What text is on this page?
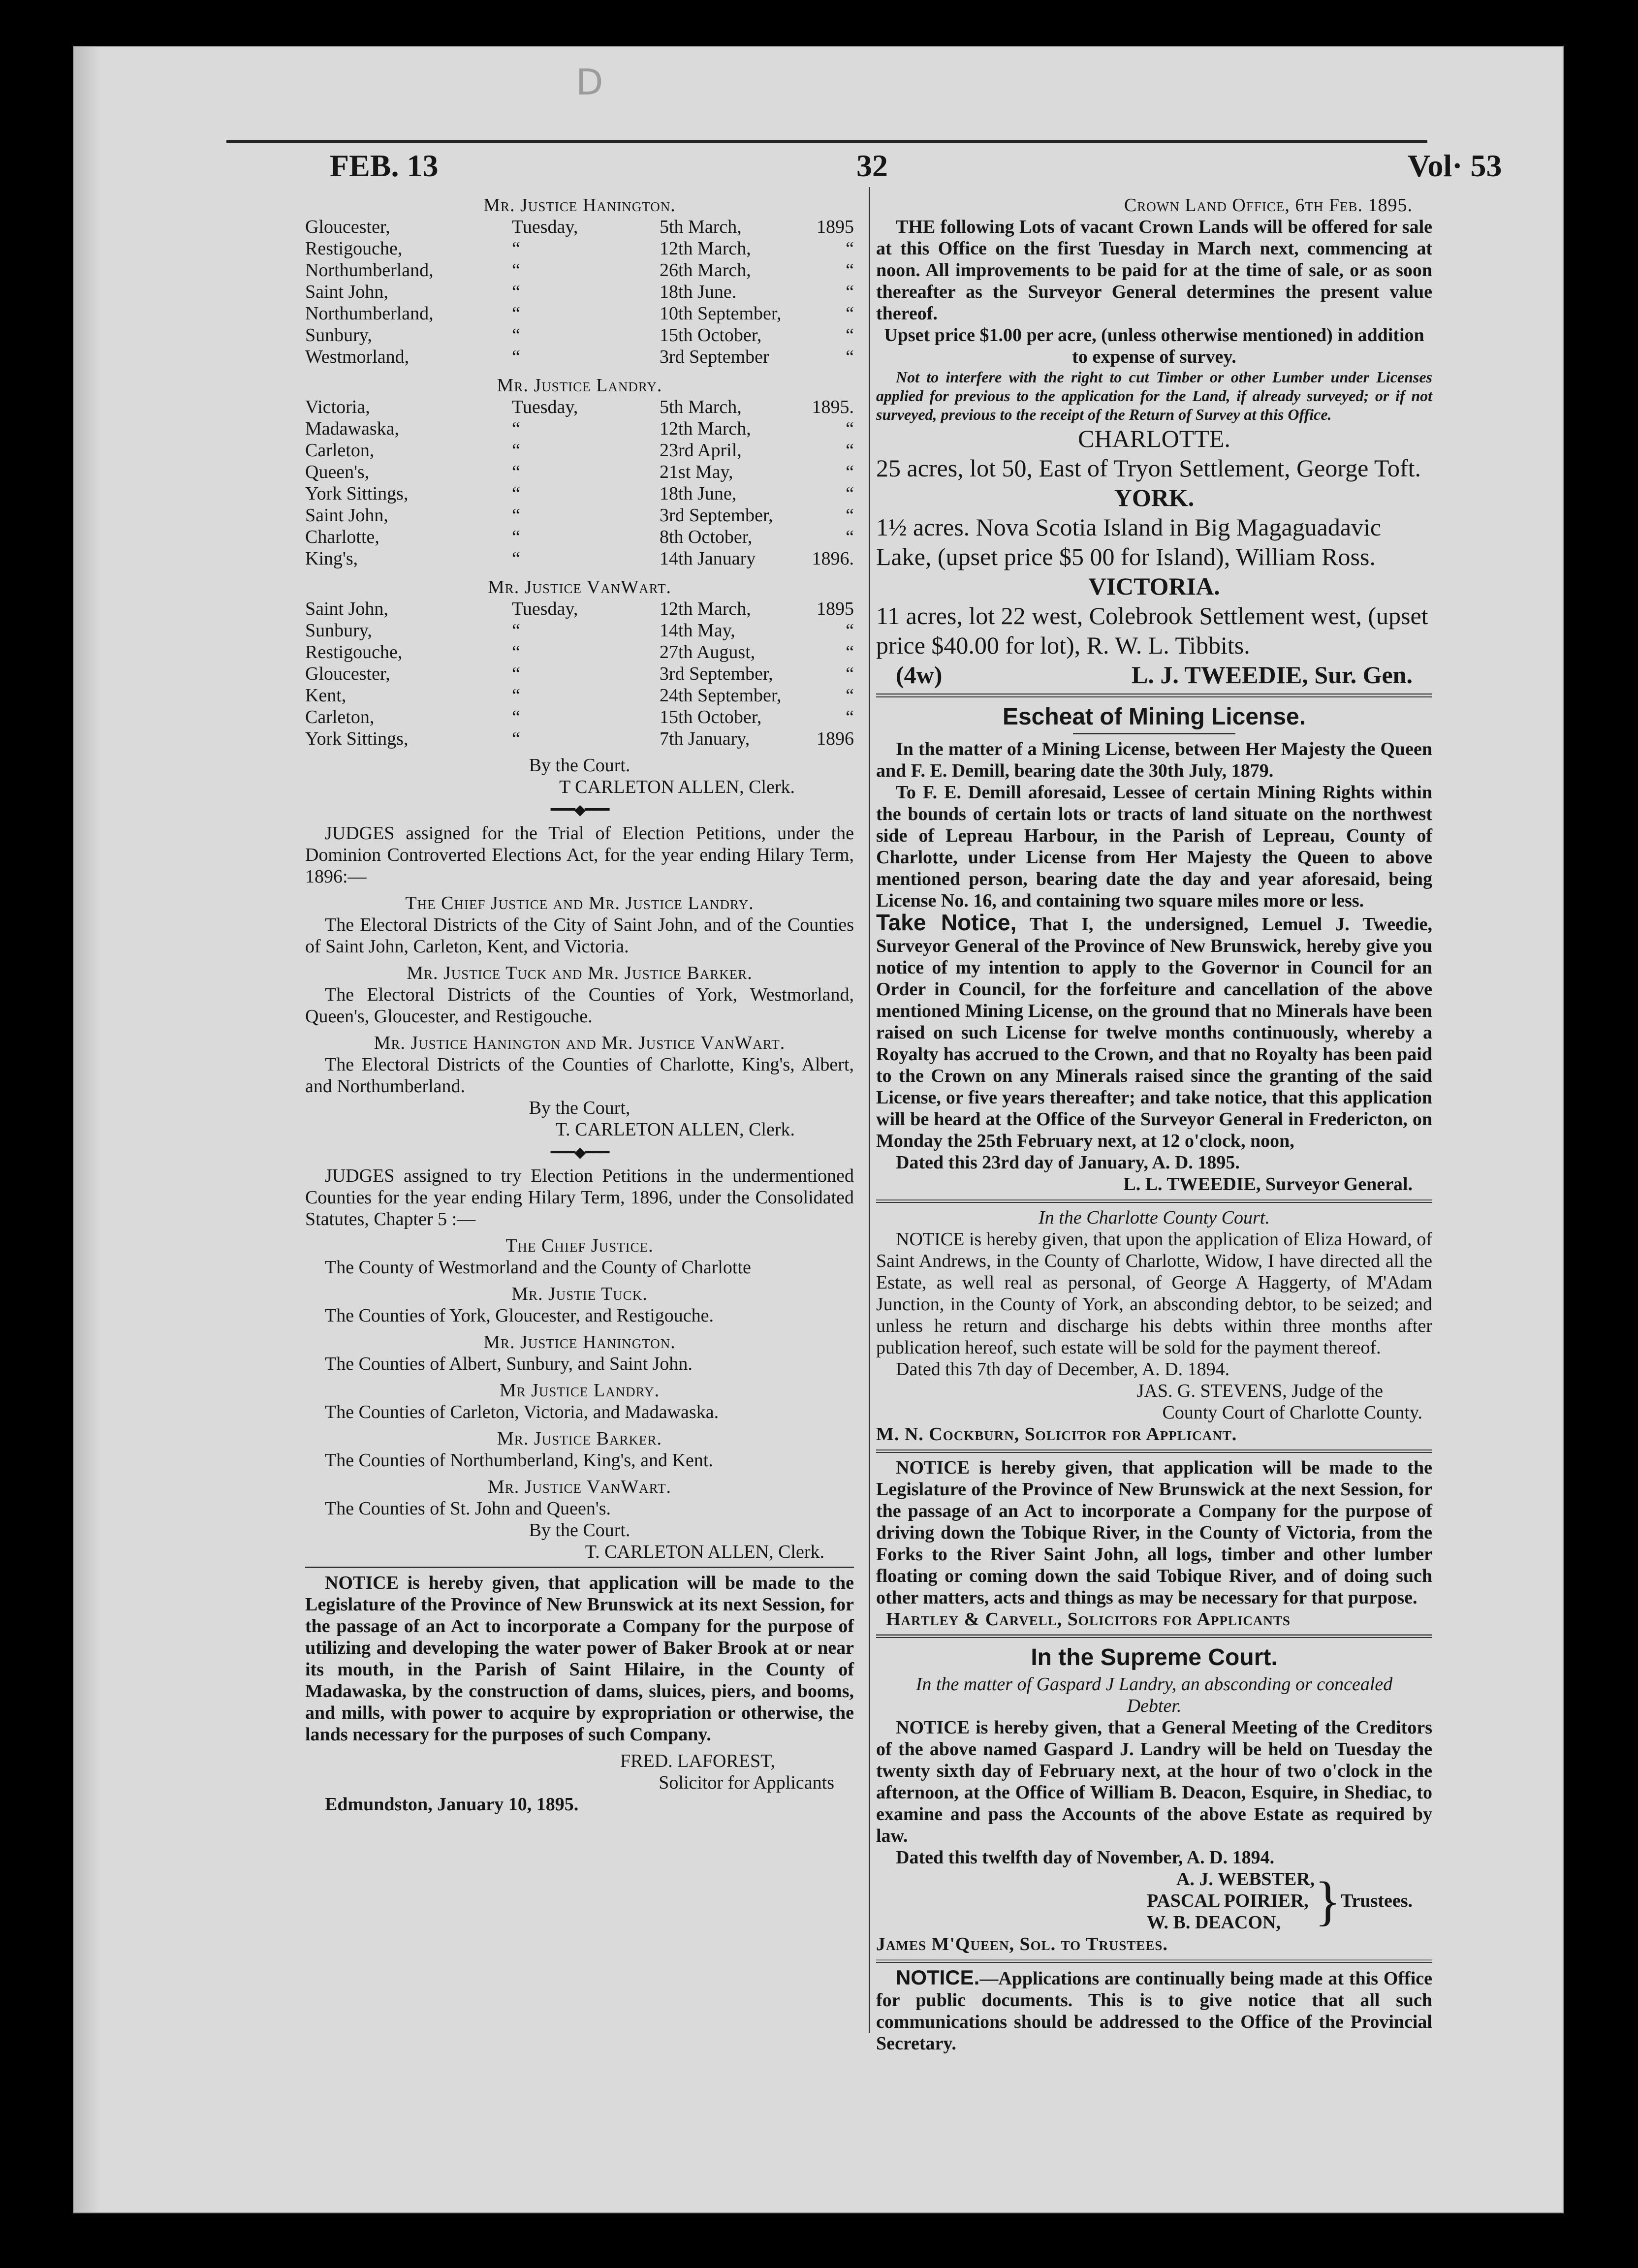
D
FEB. 13	32	Vol· 53

Mr. Justice Hanington.

Gloucester,	Tuesday,	5th March,	1895
Restigouche,	“	12th March,	“
Northumberland,	“	26th March,	“
Saint John,	“	18th June.	“
Northumberland,	“	10th September,	“
Sunbury,	“	15th October,	“
Westmorland,	“	3rd September	“

Mr. Justice Landry.

Victoria,	Tuesday,	5th March,	1895.
Madawaska,	“	12th March,	“
Carleton,	“	23rd April,	“
Queen's,	“	21st May,	“
York Sittings,	“	18th June,	“
Saint John,	“	3rd September,	“
Charlotte,	“	8th October,	“
King's,	“	14th January	1896.

Mr. Justice VanWart.

Saint John,	Tuesday,	12th March,	1895
Sunbury,	“	14th May,	“
Restigouche,	“	27th August,	“
Gloucester,	“	3rd September,	“
Kent,	“	24th September,	“
Carleton,	“	15th October,	“
York Sittings,	“	7th January,	1896

By the Court.

T CARLETON ALLEN, Clerk.

━━━◆━━━

JUDGES assigned for the Trial of Election Petitions, under the Dominion Controverted Elections Act, for the year ending Hilary Term, 1896:—

The Chief Justice and Mr. Justice Landry.

The Electoral Districts of the City of Saint John, and of the Counties of Saint John, Carleton, Kent, and Victoria.

Mr. Justice Tuck and Mr. Justice Barker.

The Electoral Districts of the Counties of York, Westmorland, Queen's, Gloucester, and Restigouche.

Mr. Justice Hanington and Mr. Justice VanWart.

The Electoral Districts of the Counties of Charlotte, King's, Albert, and Northumberland.

By the Court,

T. CARLETON ALLEN, Clerk.

━━━◆━━━

JUDGES assigned to try Election Petitions in the undermentioned Counties for the year ending Hilary Term, 1896, under the Consolidated Statutes, Chapter 5 :—

The Chief Justice.

The County of Westmorland and the County of Charlotte

Mr. Justie Tuck.

The Counties of York, Gloucester, and Restigouche.

Mr. Justice Hanington.

The Counties of Albert, Sunbury, and Saint John.

Mr Justice Landry.

The Counties of Carleton, Victoria, and Madawaska.

Mr. Justice Barker.

The Counties of Northumberland, King's, and Kent.

Mr. Justice VanWart.

The Counties of St. John and Queen's.

By the Court.

T. CARLETON ALLEN, Clerk.

NOTICE is hereby given, that application will be made to the Legislature of the Province of New Brunswick at its next Session, for the passage of an Act to incorporate a Company for the purpose of utilizing and developing the water power of Baker Brook at or near its mouth, in the Parish of Saint Hilaire, in the County of Madawaska, by the construction of dams, sluices, piers, and booms, and mills, with power to acquire by expropriation or otherwise, the lands necessary for the purposes of such Company.

FRED. LAFOREST,

Solicitor for Applicants

Edmundston, January 10, 1895.

Crown Land Office, 6th Feb. 1895.

THE following Lots of vacant Crown Lands will be offered for sale at this Office on the first Tuesday in March next, commencing at noon. All improvements to be paid for at the time of sale, or as soon thereafter as the Surveyor General determines the present value thereof.

Upset price $1.00 per acre, (unless otherwise mentioned) in addition to expense of survey.

Not to interfere with the right to cut Timber or other Lumber under Licenses applied for previous to the application for the Land, if already surveyed; or if not surveyed, previous to the receipt of the Return of Survey at this Office.

CHARLOTTE.

25 acres, lot 50, East of Tryon Settlement, George Toft.

YORK.

1½ acres. Nova Scotia Island in Big Magaguadavic Lake, (upset price $5 00 for Island), William Ross.

VICTORIA.

11 acres, lot 22 west, Colebrook Settlement west, (upset price $40.00 for lot), R. W. L. Tibbits.

(4w)	L. J. TWEEDIE, Sur. Gen.

Escheat of Mining License.

In the matter of a Mining License, between Her Majesty the Queen and F. E. Demill, bearing date the 30th July, 1879.

To F. E. Demill aforesaid, Lessee of certain Mining Rights within the bounds of certain lots or tracts of land situate on the northwest side of Lepreau Harbour, in the Parish of Lepreau, County of Charlotte, under License from Her Majesty the Queen to above mentioned person, bearing date the day and year aforesaid, being License No. 16, and containing two square miles more or less.

Take Notice, That I, the undersigned, Lemuel J. Tweedie, Surveyor General of the Province of New Brunswick, hereby give you notice of my intention to apply to the Governor in Council for an Order in Council, for the forfeiture and cancellation of the above mentioned Mining License, on the ground that no Minerals have been raised on such License for twelve months continuously, whereby a Royalty has accrued to the Crown, and that no Royalty has been paid to the Crown on any Minerals raised since the granting of the said License, or five years thereafter; and take notice, that this application will be heard at the Office of the Surveyor General in Fredericton, on Monday the 25th February next, at 12 o'clock, noon,

Dated this 23rd day of January, A. D. 1895.

L. L. TWEEDIE, Surveyor General.

In the Charlotte County Court.

NOTICE is hereby given, that upon the application of Eliza Howard, of Saint Andrews, in the County of Charlotte, Widow, I have directed all the Estate, as well real as personal, of George A Haggerty, of M'Adam Junction, in the County of York, an absconding debtor, to be seized; and unless he return and discharge his debts within three months after publication hereof, such estate will be sold for the payment thereof.

Dated this 7th day of December, A. D. 1894.

JAS. G. STEVENS, Judge of the

County Court of Charlotte County.

M. N. Cockburn, Solicitor for Applicant.

NOTICE is hereby given, that application will be made to the Legislature of the Province of New Brunswick at the next Session, for the passage of an Act to incorporate a Company for the purpose of driving down the Tobique River, in the County of Victoria, from the Forks to the River Saint John, all logs, timber and other lumber floating or coming down the said Tobique River, and of doing such other matters, acts and things as may be necessary for that purpose.

Hartley & Carvell, Solicitors for Applicants

In the Supreme Court.

In the matter of Gaspard J Landry, an absconding or concealed Debter.

NOTICE is hereby given, that a General Meeting of the Creditors of the above named Gaspard J. Landry will be held on Tuesday the twenty sixth day of February next, at the hour of two o'clock in the afternoon, at the Office of William B. Deacon, Esquire, in Shediac, to examine and pass the Accounts of the above Estate as required by law.

Dated this twelfth day of November, A. D. 1894.

A. J. WEBSTER,

PASCAL POIRIER,

W. B. DEACON, } Trustees.

James M'Queen, Sol. to Trustees.

NOTICE.—Applications are continually being made at this Office for public documents. This is to give notice that all such communications should be addressed to the Office of the Provincial Secretary.
